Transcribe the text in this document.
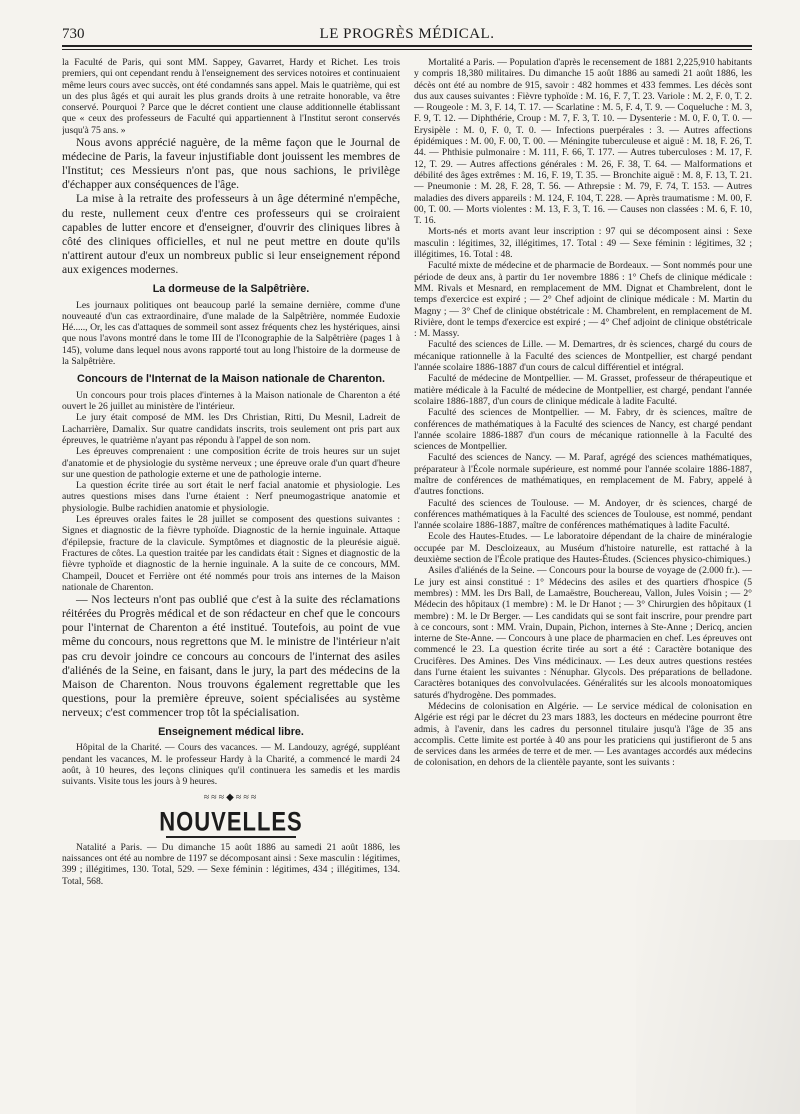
730	LE PROGRÈS MÉDICAL.

la Faculté de Paris, qui sont MM. Sappey, Gavarret, Hardy et Richet. Les trois premiers, qui ont cependant rendu à l'enseignement des services notoires et continuaient même leurs cours avec succès, ont été condamnés sans appel. Mais le quatrième, qui est un des plus âgés et qui aurait les plus grands droits à une retraite honorable, va être conservé. Pourquoi ? Parce que le décret contient une clause additionnelle établissant que « ceux des professeurs de Faculté qui appartiennent à l'Institut seront conservés jusqu'à 75 ans. »

Nous avons apprécié naguère, de la même façon que le Journal de médecine de Paris, la faveur injustifiable dont jouissent les membres de l'Institut; ces Messieurs n'ont pas, que nous sachions, le privilège d'échapper aux conséquences de l'âge.

La mise à la retraite des professeurs à un âge déterminé n'empêche, du reste, nullement ceux d'entre ces professeurs qui se croiraient capables de lutter encore et d'enseigner, d'ouvrir des cliniques libres à côté des cliniques officielles, et nul ne peut mettre en doute qu'ils n'attirent autour d'eux un nombreux public si leur enseignement répond aux exigences modernes.

La dormeuse de la Salpêtrière.

Les journaux politiques ont beaucoup parlé la semaine dernière, comme d'une nouveauté d'un cas extraordinaire, d'une malade de la Salpêtrière, nommée Eudoxie Hé....., Or, les cas d'attaques de sommeil sont assez fréquents chez les hystériques, ainsi que nous l'avons montré dans le tome III de l'Iconographie de la Salpêtrière (pages 1 à 145), volume dans lequel nous avons rapporté tout au long l'histoire de la dormeuse de la Salpêtrière.

Concours de l'Internat de la Maison nationale de Charenton.

Un concours pour trois places d'internes à la Maison nationale de Charenton a été ouvert le 26 juillet au ministère de l'intérieur.

Le jury était composé de MM. les Drs Christian, Ritti, Du Mesnil, Ladreit de Lacharrière, Damalix. Sur quatre candidats inscrits, trois seulement ont pris part aux épreuves, le quatrième n'ayant pas répondu à l'appel de son nom.

Les épreuves comprenaient : une composition écrite de trois heures sur un sujet d'anatomie et de physiologie du système nerveux ; une épreuve orale d'un quart d'heure sur une question de pathologie externe et une de pathologie interne.

La question écrite tirée au sort était le nerf facial anatomie et physiologie. Les autres questions mises dans l'urne étaient : Nerf pneumogastrique anatomie et physiologie. Bulbe rachidien anatomie et physiologie.

Les épreuves orales faites le 28 juillet se composent des questions suivantes : Signes et diagnostic de la fièvre typhoïde. Diagnostic de la hernie inguinale. Attaque d'épilepsie, fracture de la clavicule. Symptômes et diagnostic de la pleurésie aiguë. Fractures de côtes. La question traitée par les candidats était : Signes et diagnostic de la fièvre typhoïde et diagnostic de la hernie inguinale. A la suite de ce concours, MM. Champeil, Doucet et Ferrière ont été nommés pour trois ans internes de la Maison nationale de Charenton.

— Nos lecteurs n'ont pas oublié que c'est à la suite des réclamations réitérées du Progrès médical et de son rédacteur en chef que le concours pour l'internat de Charenton a été institué. Toutefois, au point de vue même du concours, nous regrettons que M. le ministre de l'intérieur n'ait pas cru devoir joindre ce concours au concours de l'internat des asiles d'aliénés de la Seine, en faisant, dans le jury, la part des médecins de la Maison de Charenton. Nous trouvons également regrettable que les questions, pour la première épreuve, soient spécialisées au système nerveux; c'est commencer trop tôt la spécialisation.

Enseignement médical libre.

Hôpital de la Charité. — Cours des vacances. — M. Landouzy, agrégé, suppléant pendant les vacances, M. le professeur Hardy à la Charité, a commencé le mardi 24 août, à 10 heures, des leçons cliniques qu'il continuera les samedis et les mardis suivants. Visite tous les jours à 9 heures.

≈≈≈◆≈≈≈
NOUVELLES

Natalité a Paris. — Du dimanche 15 août 1886 au samedi 21 août 1886, les naissances ont été au nombre de 1197 se décomposant ainsi : Sexe masculin : légitimes, 399 ; illégitimes, 130. Total, 529. — Sexe féminin : légitimes, 434 ; illégitimes, 134. Total, 568.

Mortalité a Paris. — Population d'après le recensement de 1881 2,225,910 habitants y compris 18,380 militaires. Du dimanche 15 août 1886 au samedi 21 août 1886, les décès ont été au nombre de 915, savoir : 482 hommes et 433 femmes. Les décès sont dus aux causes suivantes : Fièvre typhoïde : M. 16, F. 7, T. 23. Variole : M. 2, F. 0, T. 2. — Rougeole : M. 3, F. 14, T. 17. — Scarlatine : M. 5, F. 4, T. 9. — Coqueluche : M. 3, F. 9, T. 12. — Diphthérie, Croup : M. 7, F. 3, T. 10. — Dysenterie : M. 0, F. 0, T. 0. — Erysipèle : M. 0, F. 0, T. 0. — Infections puerpérales : 3. — Autres affections épidémiques : M. 00, F. 00, T. 00. — Méningite tuberculeuse et aiguë : M. 18, F. 26, T. 44. — Phthisie pulmonaire : M. 111, F. 66, T. 177. — Autres tuberculoses : M. 17, F. 12, T. 29. — Autres affections générales : M. 26, F. 38, T. 64. — Malformations et débilité des âges extrêmes : M. 16, F. 19, T. 35. — Bronchite aiguë : M. 8, F. 13, T. 21. — Pneumonie : M. 28, F. 28, T. 56. — Athrepsie : M. 79, F. 74, T. 153. — Autres maladies des divers appareils : M. 124, F. 104, T. 228. — Après traumatisme : M. 00, F. 00, T. 00. — Morts violentes : M. 13, F. 3, T. 16. — Causes non classées : M. 6, F. 10, T. 16.

Morts-nés et morts avant leur inscription : 97 qui se décomposent ainsi : Sexe masculin : légitimes, 32, illégitimes, 17. Total : 49 — Sexe féminin : légitimes, 32 ; illégitimes, 16. Total : 48.

Faculté mixte de médecine et de pharmacie de Bordeaux. — Sont nommés pour une période de deux ans, à partir du 1er novembre 1886 : 1° Chefs de clinique médicale : MM. Rivals et Mesnard, en remplacement de MM. Dignat et Chambrelent, dont le temps d'exercice est expiré ; — 2° Chef adjoint de clinique médicale : M. Martin du Magny ; — 3° Chef de clinique obstétricale : M. Chambrelent, en remplacement de M. Rivière, dont le temps d'exercice est expiré ; — 4° Chef adjoint de clinique obstétricale : M. Massy.

Faculté des sciences de Lille. — M. Demartres, dr ès sciences, chargé du cours de mécanique rationnelle à la Faculté des sciences de Montpellier, est chargé pendant l'année scolaire 1886-1887 d'un cours de calcul différentiel et intégral.

Faculté de médecine de Montpellier. — M. Grasset, professeur de thérapeutique et matière médicale à la Faculté de médecine de Montpellier, est chargé, pendant l'année scolaire 1886-1887, d'un cours de clinique médicale à ladite Faculté.

Faculté des sciences de Montpellier. — M. Fabry, dr ès sciences, maître de conférences de mathématiques à la Faculté des sciences de Nancy, est chargé pendant l'année scolaire 1886-1887 d'un cours de mécanique rationnelle à la Faculté des sciences de Montpellier.

Faculté des sciences de Nancy. — M. Paraf, agrégé des sciences mathématiques, préparateur à l'École normale supérieure, est nommé pour l'année scolaire 1886-1887, maître de conférences de mathématiques, en remplacement de M. Fabry, appelé à d'autres fonctions.

Faculté des sciences de Toulouse. — M. Andoyer, dr ès sciences, chargé de conférences mathématiques à la Faculté des sciences de Toulouse, est nommé, pendant l'année scolaire 1886-1887, maître de conférences mathématiques à ladite Faculté.

Ecole des Hautes-Etudes. — Le laboratoire dépendant de la chaire de minéralogie occupée par M. Descloizeaux, au Muséum d'histoire naturelle, est rattaché à la deuxième section de l'École pratique des Hautes-Études. (Sciences physico-chimiques.)

Asiles d'aliénés de la Seine. — Concours pour la bourse de voyage de (2.000 fr.). — Le jury est ainsi constitué : 1° Médecins des asiles et des quartiers d'hospice (5 membres) : MM. les Drs Ball, de Lamaëstre, Bouchereau, Vallon, Jules Voisin ; — 2° Médecin des hôpitaux (1 membre) : M. le Dr Hanot ; — 3° Chirurgien des hôpitaux (1 membre) : M. le Dr Berger. — Les candidats qui se sont fait inscrire, pour prendre part à ce concours, sont : MM. Vrain, Dupain, Pichon, internes à Ste-Anne ; Dericq, ancien interne de Ste-Anne. — Concours à une place de pharmacien en chef. Les épreuves ont commencé le 23. La question écrite tirée au sort a été : Caractère botanique des Crucifères. Des Amines. Des Vins médicinaux. — Les deux autres questions restées dans l'urne étaient les suivantes : Nénuphar. Glycols. Des préparations de belladone. Caractères botaniques des convolvulacées. Généralités sur les alcools monoatomiques saturés d'hydrogène. Des pommades.

Médecins de colonisation en Algérie. — Le service médical de colonisation en Algérie est régi par le décret du 23 mars 1883, les docteurs en médecine pourront être admis, à l'avenir, dans les cadres du personnel titulaire jusqu'à l'âge de 35 ans accomplis. Cette limite est portée à 40 ans pour les praticiens qui justifieront de 5 ans de services dans les armées de terre et de mer. — Les avantages accordés aux médecins de colonisation, en dehors de la clientèle payante, sont les suivants :
